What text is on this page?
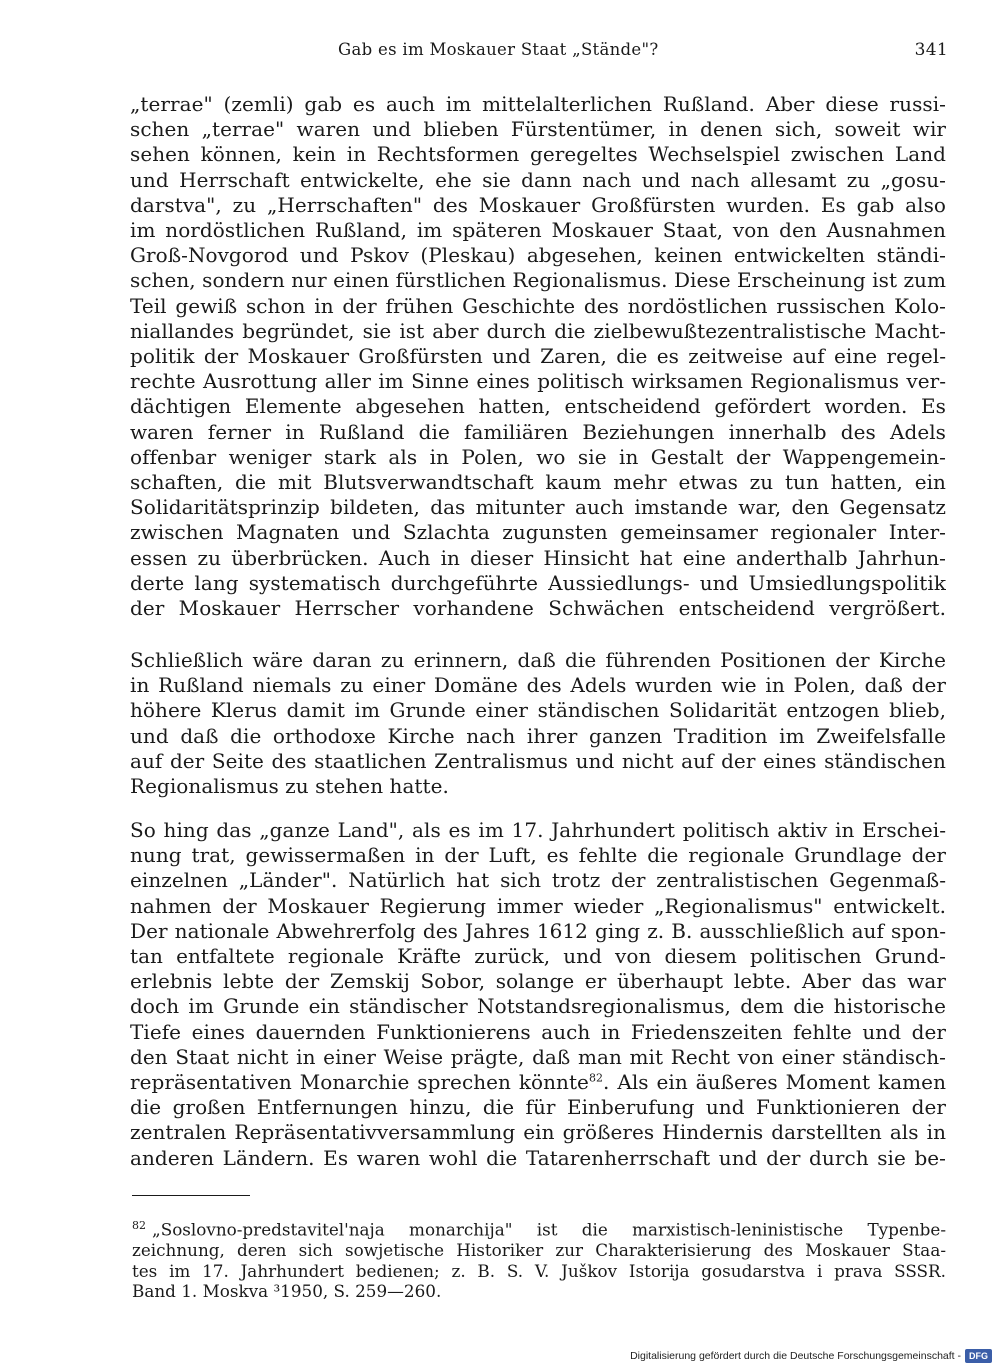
Gab es im Moskauer Staat „Stände"?	341
„terrae" (zemli) gab es auch im mittelalterlichen Rußland. Aber diese russi-
schen „terrae" waren und blieben Fürstentümer, in denen sich, soweit wir
sehen können, kein in Rechtsformen geregeltes Wechselspiel zwischen Land
und Herrschaft entwickelte, ehe sie dann nach und nach allesamt zu „gosu-
darstva", zu „Herrschaften" des Moskauer Großfürsten wurden. Es gab also
im nordöstlichen Rußland, im späteren Moskauer Staat, von den Ausnahmen
Groß-Novgorod und Pskov (Pleskau) abgesehen, keinen entwickelten ständi-
schen, sondern nur einen fürstlichen Regionalismus. Diese Erscheinung ist zum
Teil gewiß schon in der frühen Geschichte des nordöstlichen russischen Kolo-
niallandes begründet, sie ist aber durch die zielbewußtezentralistische Macht-
politik der Moskauer Großfürsten und Zaren, die es zeitweise auf eine regel-
rechte Ausrottung aller im Sinne eines politisch wirksamen Regionalismus ver-
dächtigen Elemente abgesehen hatten, entscheidend gefördert worden. Es
waren ferner in Rußland die familiären Beziehungen innerhalb des Adels
offenbar weniger stark als in Polen, wo sie in Gestalt der Wappengemein-
schaften, die mit Blutsverwandtschaft kaum mehr etwas zu tun hatten, ein
Solidaritätsprinzip bildeten, das mitunter auch imstande war, den Gegensatz
zwischen Magnaten und Szlachta zugunsten gemeinsamer regionaler Inter-
essen zu überbrücken. Auch in dieser Hinsicht hat eine anderthalb Jahrhun-
derte lang systematisch durchgeführte Aussiedlungs- und Umsiedlungspolitik
der Moskauer Herrscher vorhandene Schwächen entscheidend vergrößert.
Schließlich wäre daran zu erinnern, daß die führenden Positionen der Kirche
in Rußland niemals zu einer Domäne des Adels wurden wie in Polen, daß der
höhere Klerus damit im Grunde einer ständischen Solidarität entzogen blieb,
und daß die orthodoxe Kirche nach ihrer ganzen Tradition im Zweifelsfalle
auf der Seite des staatlichen Zentralismus und nicht auf der eines ständischen
Regionalismus zu stehen hatte.
So hing das „ganze Land", als es im 17. Jahrhundert politisch aktiv in Erschei-
nung trat, gewissermaßen in der Luft, es fehlte die regionale Grundlage der
einzelnen „Länder". Natürlich hat sich trotz der zentralistischen Gegenmaß-
nahmen der Moskauer Regierung immer wieder „Regionalismus" entwickelt.
Der nationale Abwehrerfolg des Jahres 1612 ging z. B. ausschließlich auf spon-
tan entfaltete regionale Kräfte zurück, und von diesem politischen Grund-
erlebnis lebte der Zemskij Sobor, solange er überhaupt lebte. Aber das war
doch im Grunde ein ständischer Notstandsregionalismus, dem die historische
Tiefe eines dauernden Funktionierens auch in Friedenszeiten fehlte und der
den Staat nicht in einer Weise prägte, daß man mit Recht von einer ständisch-
repräsentativen Monarchie sprechen könnte$^{82}$. Als ein äußeres Moment kamen
die großen Entfernungen hinzu, die für Einberufung und Funktionieren der
zentralen Repräsentativversammlung ein größeres Hindernis darstellten als in
anderen Ländern. Es waren wohl die Tatarenherrschaft und der durch sie be-
$^{82}$ „Soslovno-predstavitel'naja monarchija" ist die marxistisch-leninistische Typenbe-
zeichnung, deren sich sowjetische Historiker zur Charakterisierung des Moskauer Staa-
tes im 17. Jahrhundert bedienen; z. B. S. V. Juškov Istorija gosudarstva i prava SSSR.
Band 1. Moskva ³1950, S. 259—260.
Digitalisierung gefördert durch die Deutsche Forschungsgemeinschaft - DFG
